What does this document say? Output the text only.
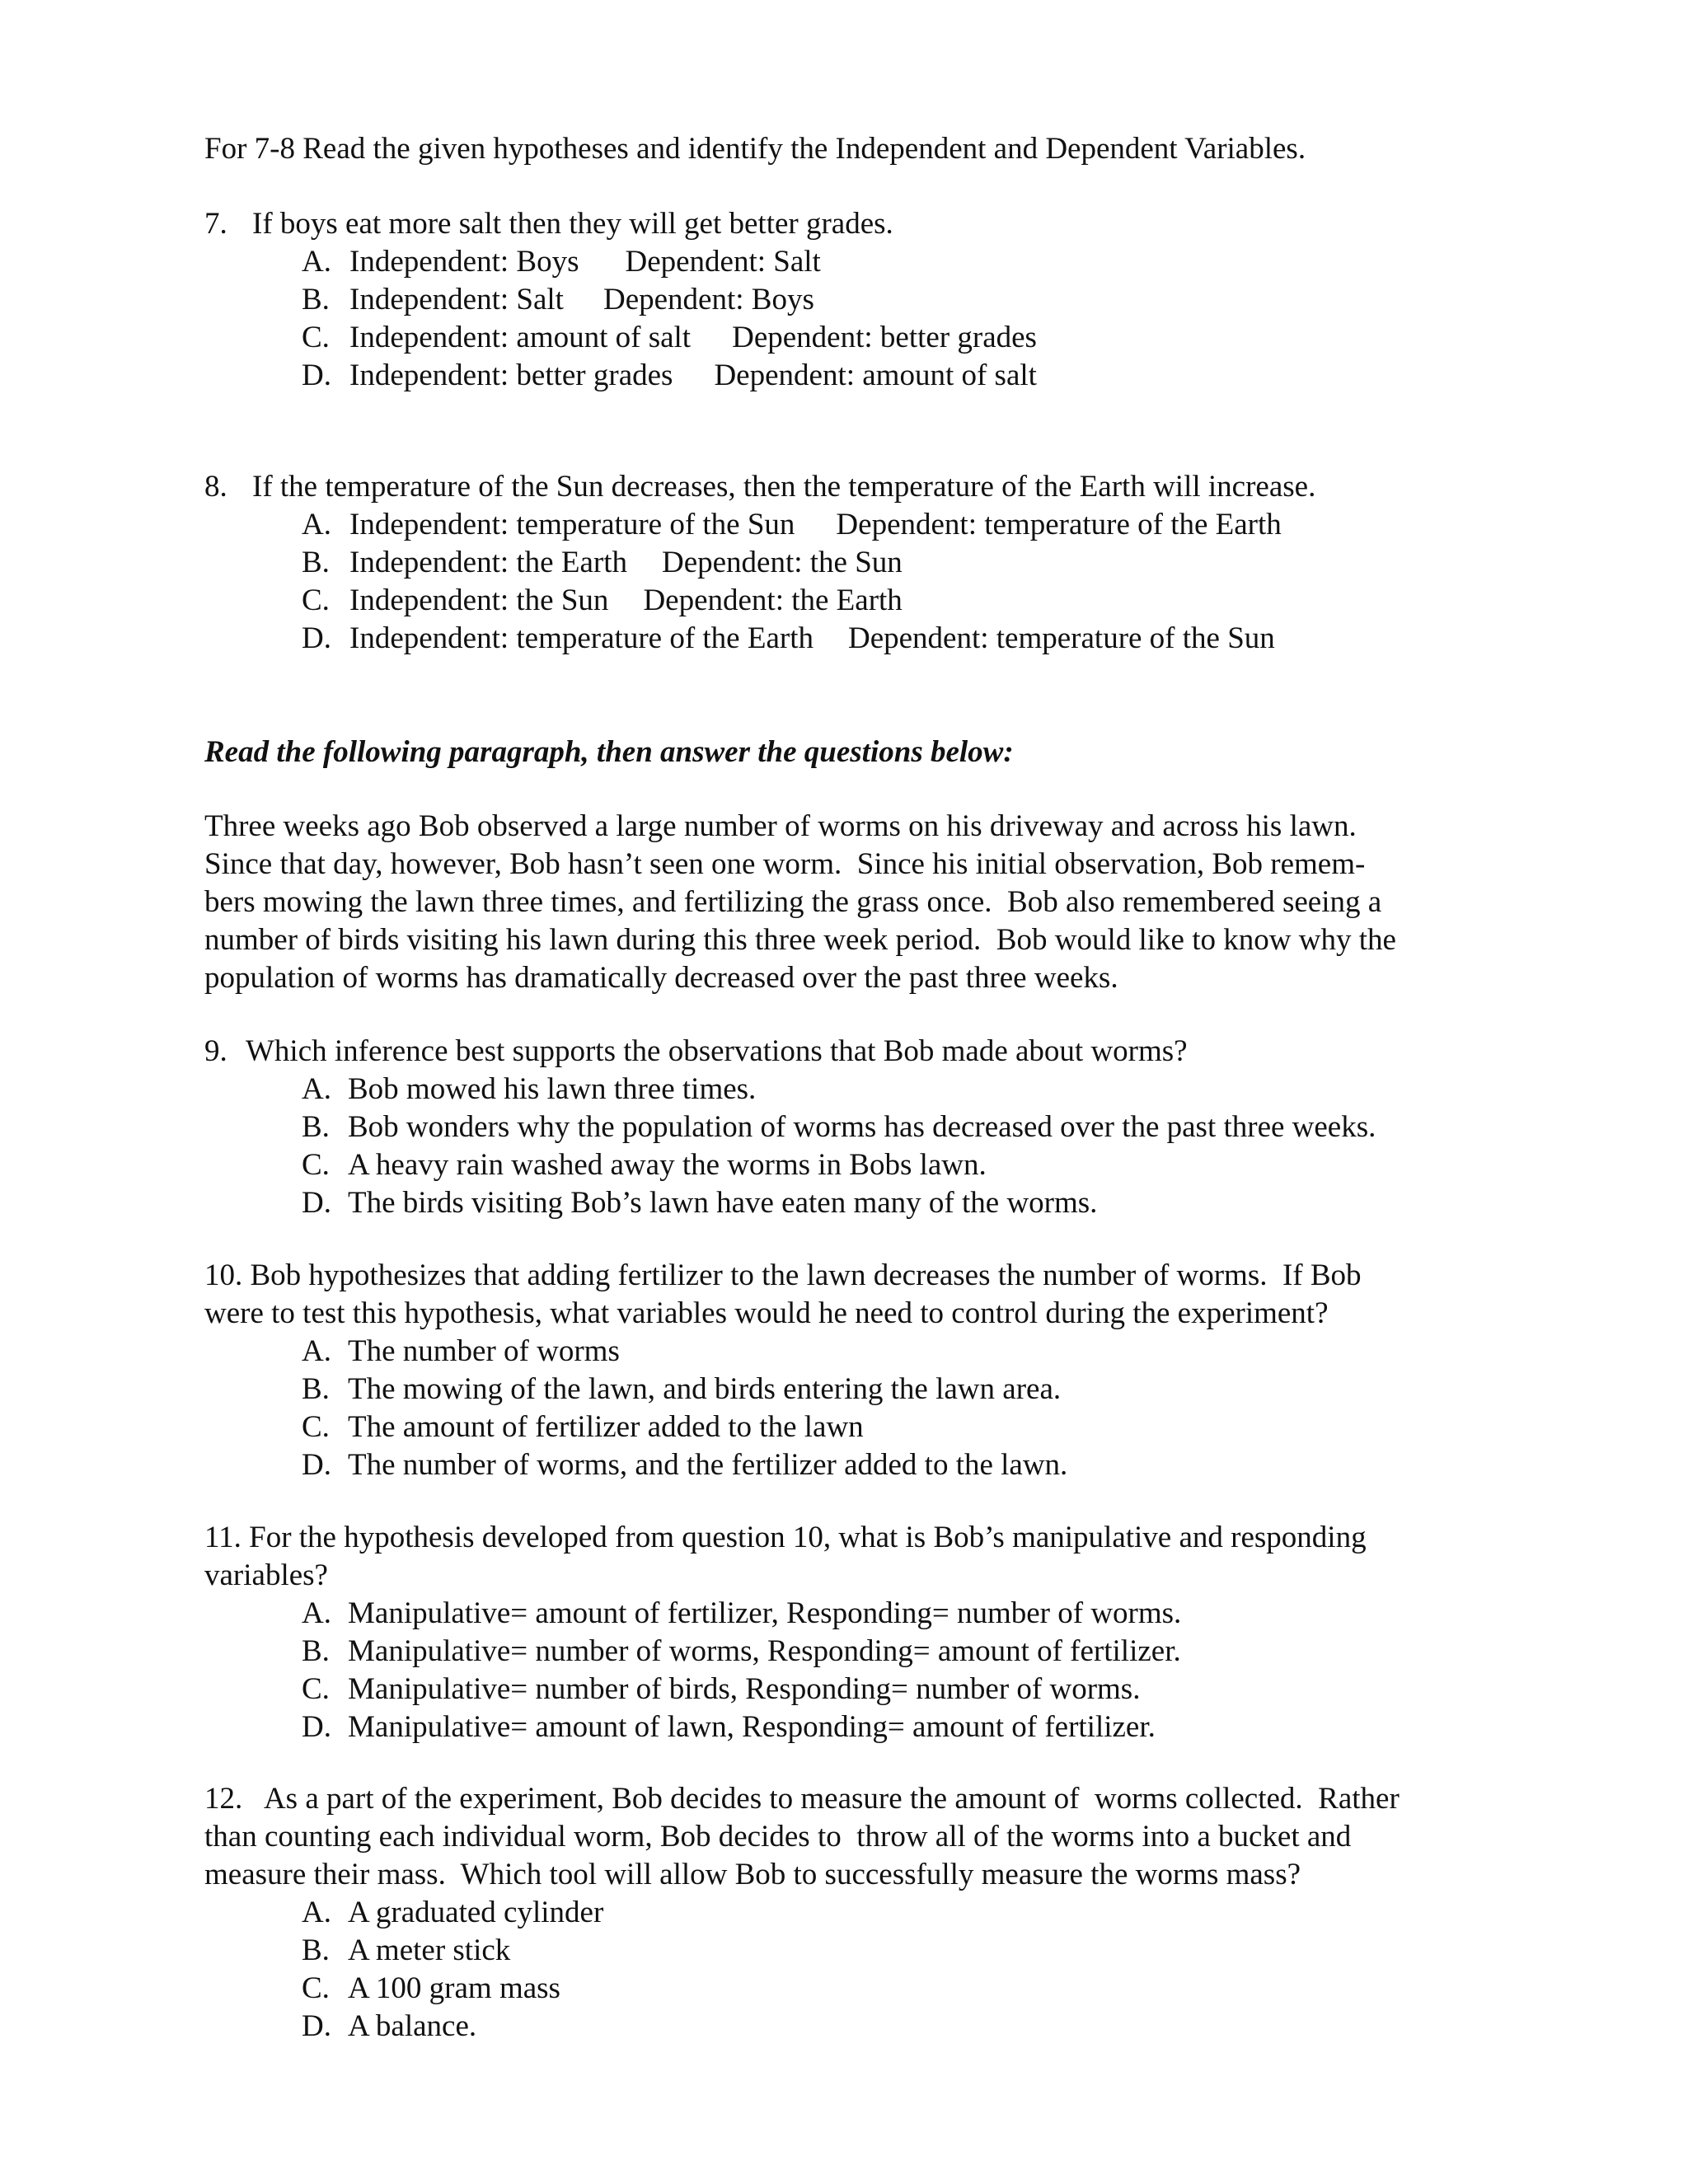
For 7-8 Read the given hypotheses and identify the Independent and Dependent Variables.
7. If boys eat more salt then they will get better grades.
A. Independent: Boys Dependent: Salt
B. Independent: Salt Dependent: Boys
C. Independent: amount of salt Dependent: better grades
D. Independent: better grades Dependent: amount of salt
8. If the temperature of the Sun decreases, then the temperature of the Earth will increase.
A. Independent: temperature of the Sun Dependent: temperature of the Earth
B. Independent: the Earth Dependent: the Sun
C. Independent: the Sun Dependent: the Earth
D. Independent: temperature of the Earth Dependent: temperature of the Sun
Read the following paragraph, then answer the questions below:
Three weeks ago Bob observed a large number of worms on his driveway and across his lawn.
Since that day, however, Bob hasn’t seen one worm.  Since his initial observation, Bob remem-
bers mowing the lawn three times, and fertilizing the grass once.  Bob also remembered seeing a
number of birds visiting his lawn during this three week period.  Bob would like to know why the
population of worms has dramatically decreased over the past three weeks.
9. Which inference best supports the observations that Bob made about worms?
A. Bob mowed his lawn three times.
B. Bob wonders why the population of worms has decreased over the past three weeks.
C. A heavy rain washed away the worms in Bobs lawn.
D. The birds visiting Bob’s lawn have eaten many of the worms.
10. Bob hypothesizes that adding fertilizer to the lawn decreases the number of worms.  If Bob
were to test this hypothesis, what variables would he need to control during the experiment?
A. The number of worms
B. The mowing of the lawn, and birds entering the lawn area.
C. The amount of fertilizer added to the lawn
D. The number of worms, and the fertilizer added to the lawn.
11. For the hypothesis developed from question 10, what is Bob’s manipulative and responding
variables?
A. Manipulative= amount of fertilizer, Responding= number of worms.
B. Manipulative= number of worms, Responding= amount of fertilizer.
C. Manipulative= number of birds, Responding= number of worms.
D. Manipulative= amount of lawn, Responding= amount of fertilizer.
12.   As a part of the experiment, Bob decides to measure the amount of  worms collected.  Rather
than counting each individual worm, Bob decides to  throw all of the worms into a bucket and
measure their mass.  Which tool will allow Bob to successfully measure the worms mass?
A. A graduated cylinder
B. A meter stick
C. A 100 gram mass
D. A balance.
